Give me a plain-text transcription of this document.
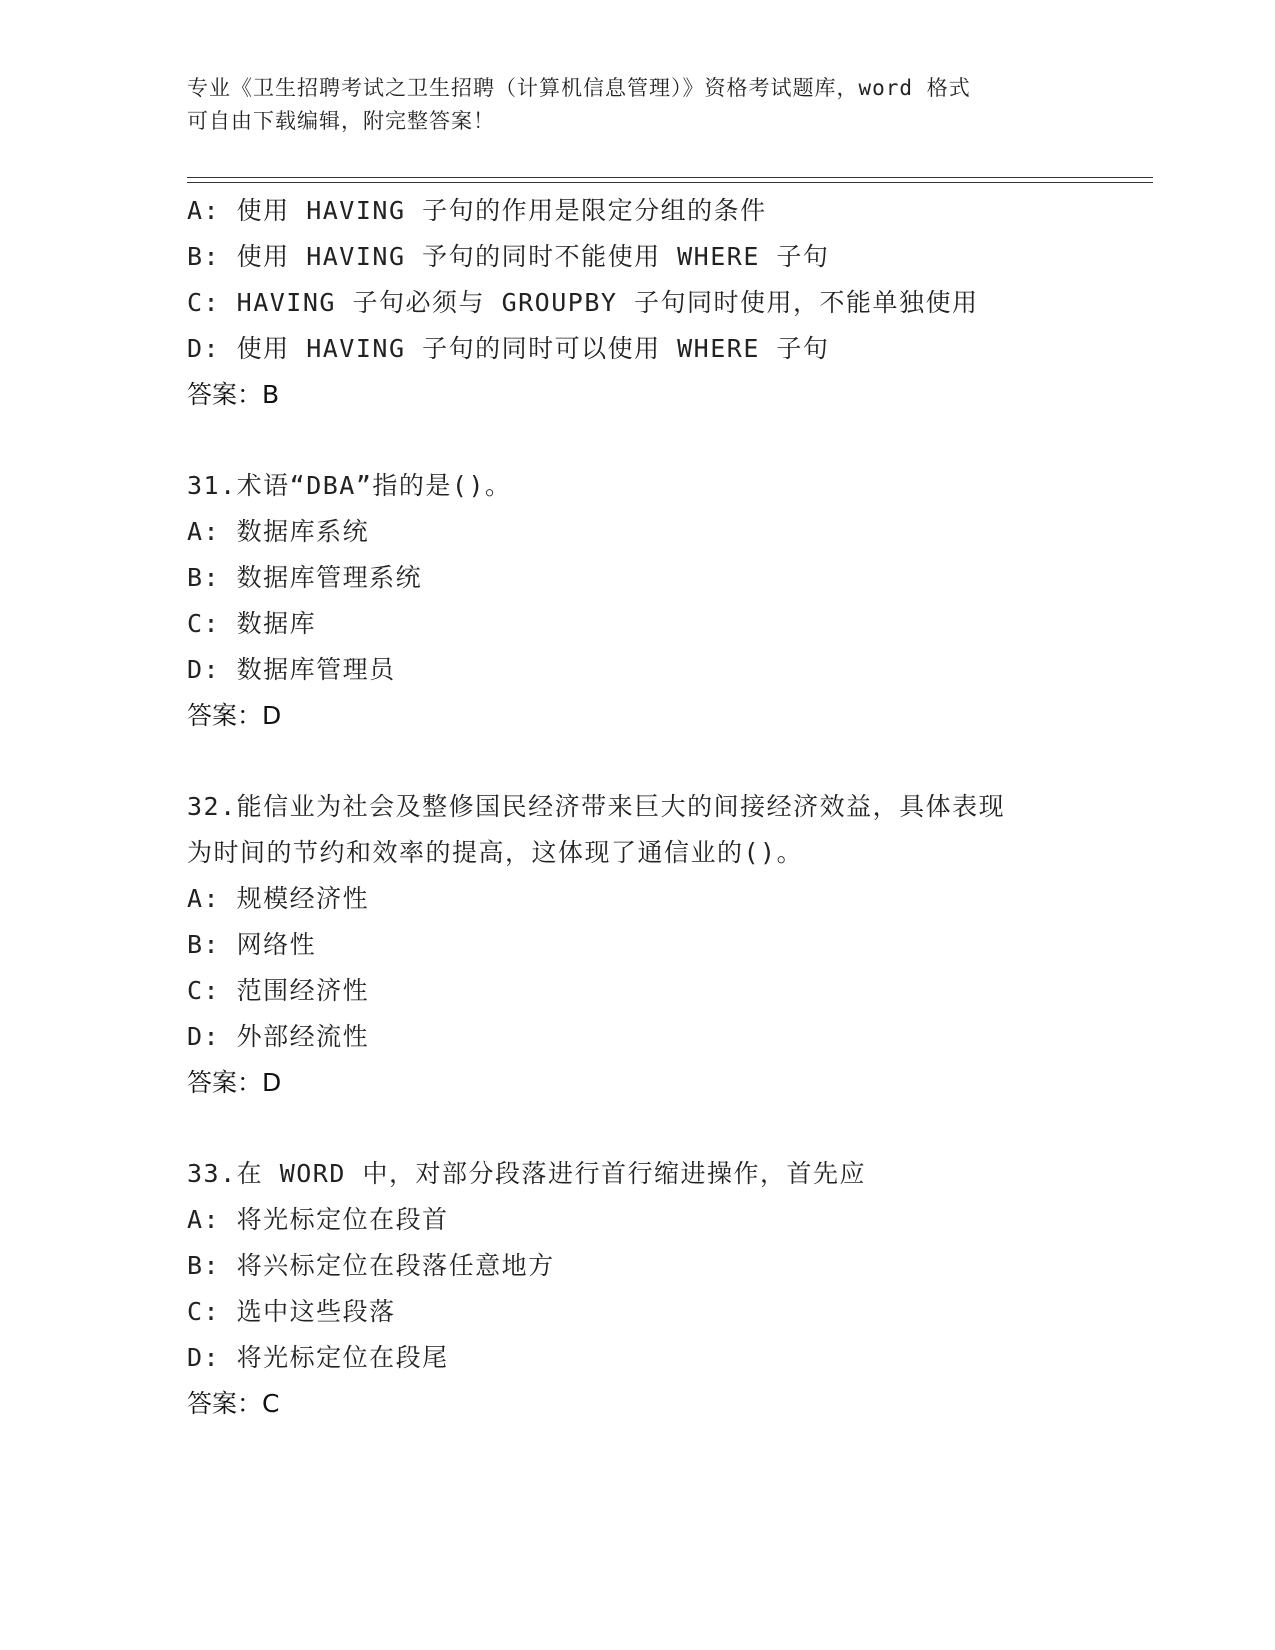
专业《卫生招聘考试之卫生招聘（计算机信息管理）》资格考试题库，word 格式
可自由下载编辑，附完整答案！
A: 使用 HAVING 子句的作用是限定分组的条件
B: 使用 HAVING 予句的同时不能使用 WHERE 子句
C: HAVING 子句必须与 GROUPBY 子句同时使用，不能单独使用
D: 使用 HAVING 子句的同时可以使用 WHERE 子句
答案：B
31.术语“DBA”指的是()。
A: 数据库系统
B: 数据库管理系统
C: 数据库
D: 数据库管理员
答案：D
32.能信业为社会及整修国民经济带来巨大的间接经济效益，具体表现
为时间的节约和效率的提高，这体现了通信业的()。
A: 规模经济性
B: 网络性
C: 范围经济性
D: 外部经流性
答案：D
33.在 WORD 中，对部分段落进行首行缩进操作，首先应
A: 将光标定位在段首
B: 将兴标定位在段落任意地方
C: 选中这些段落
D: 将光标定位在段尾
答案：C
